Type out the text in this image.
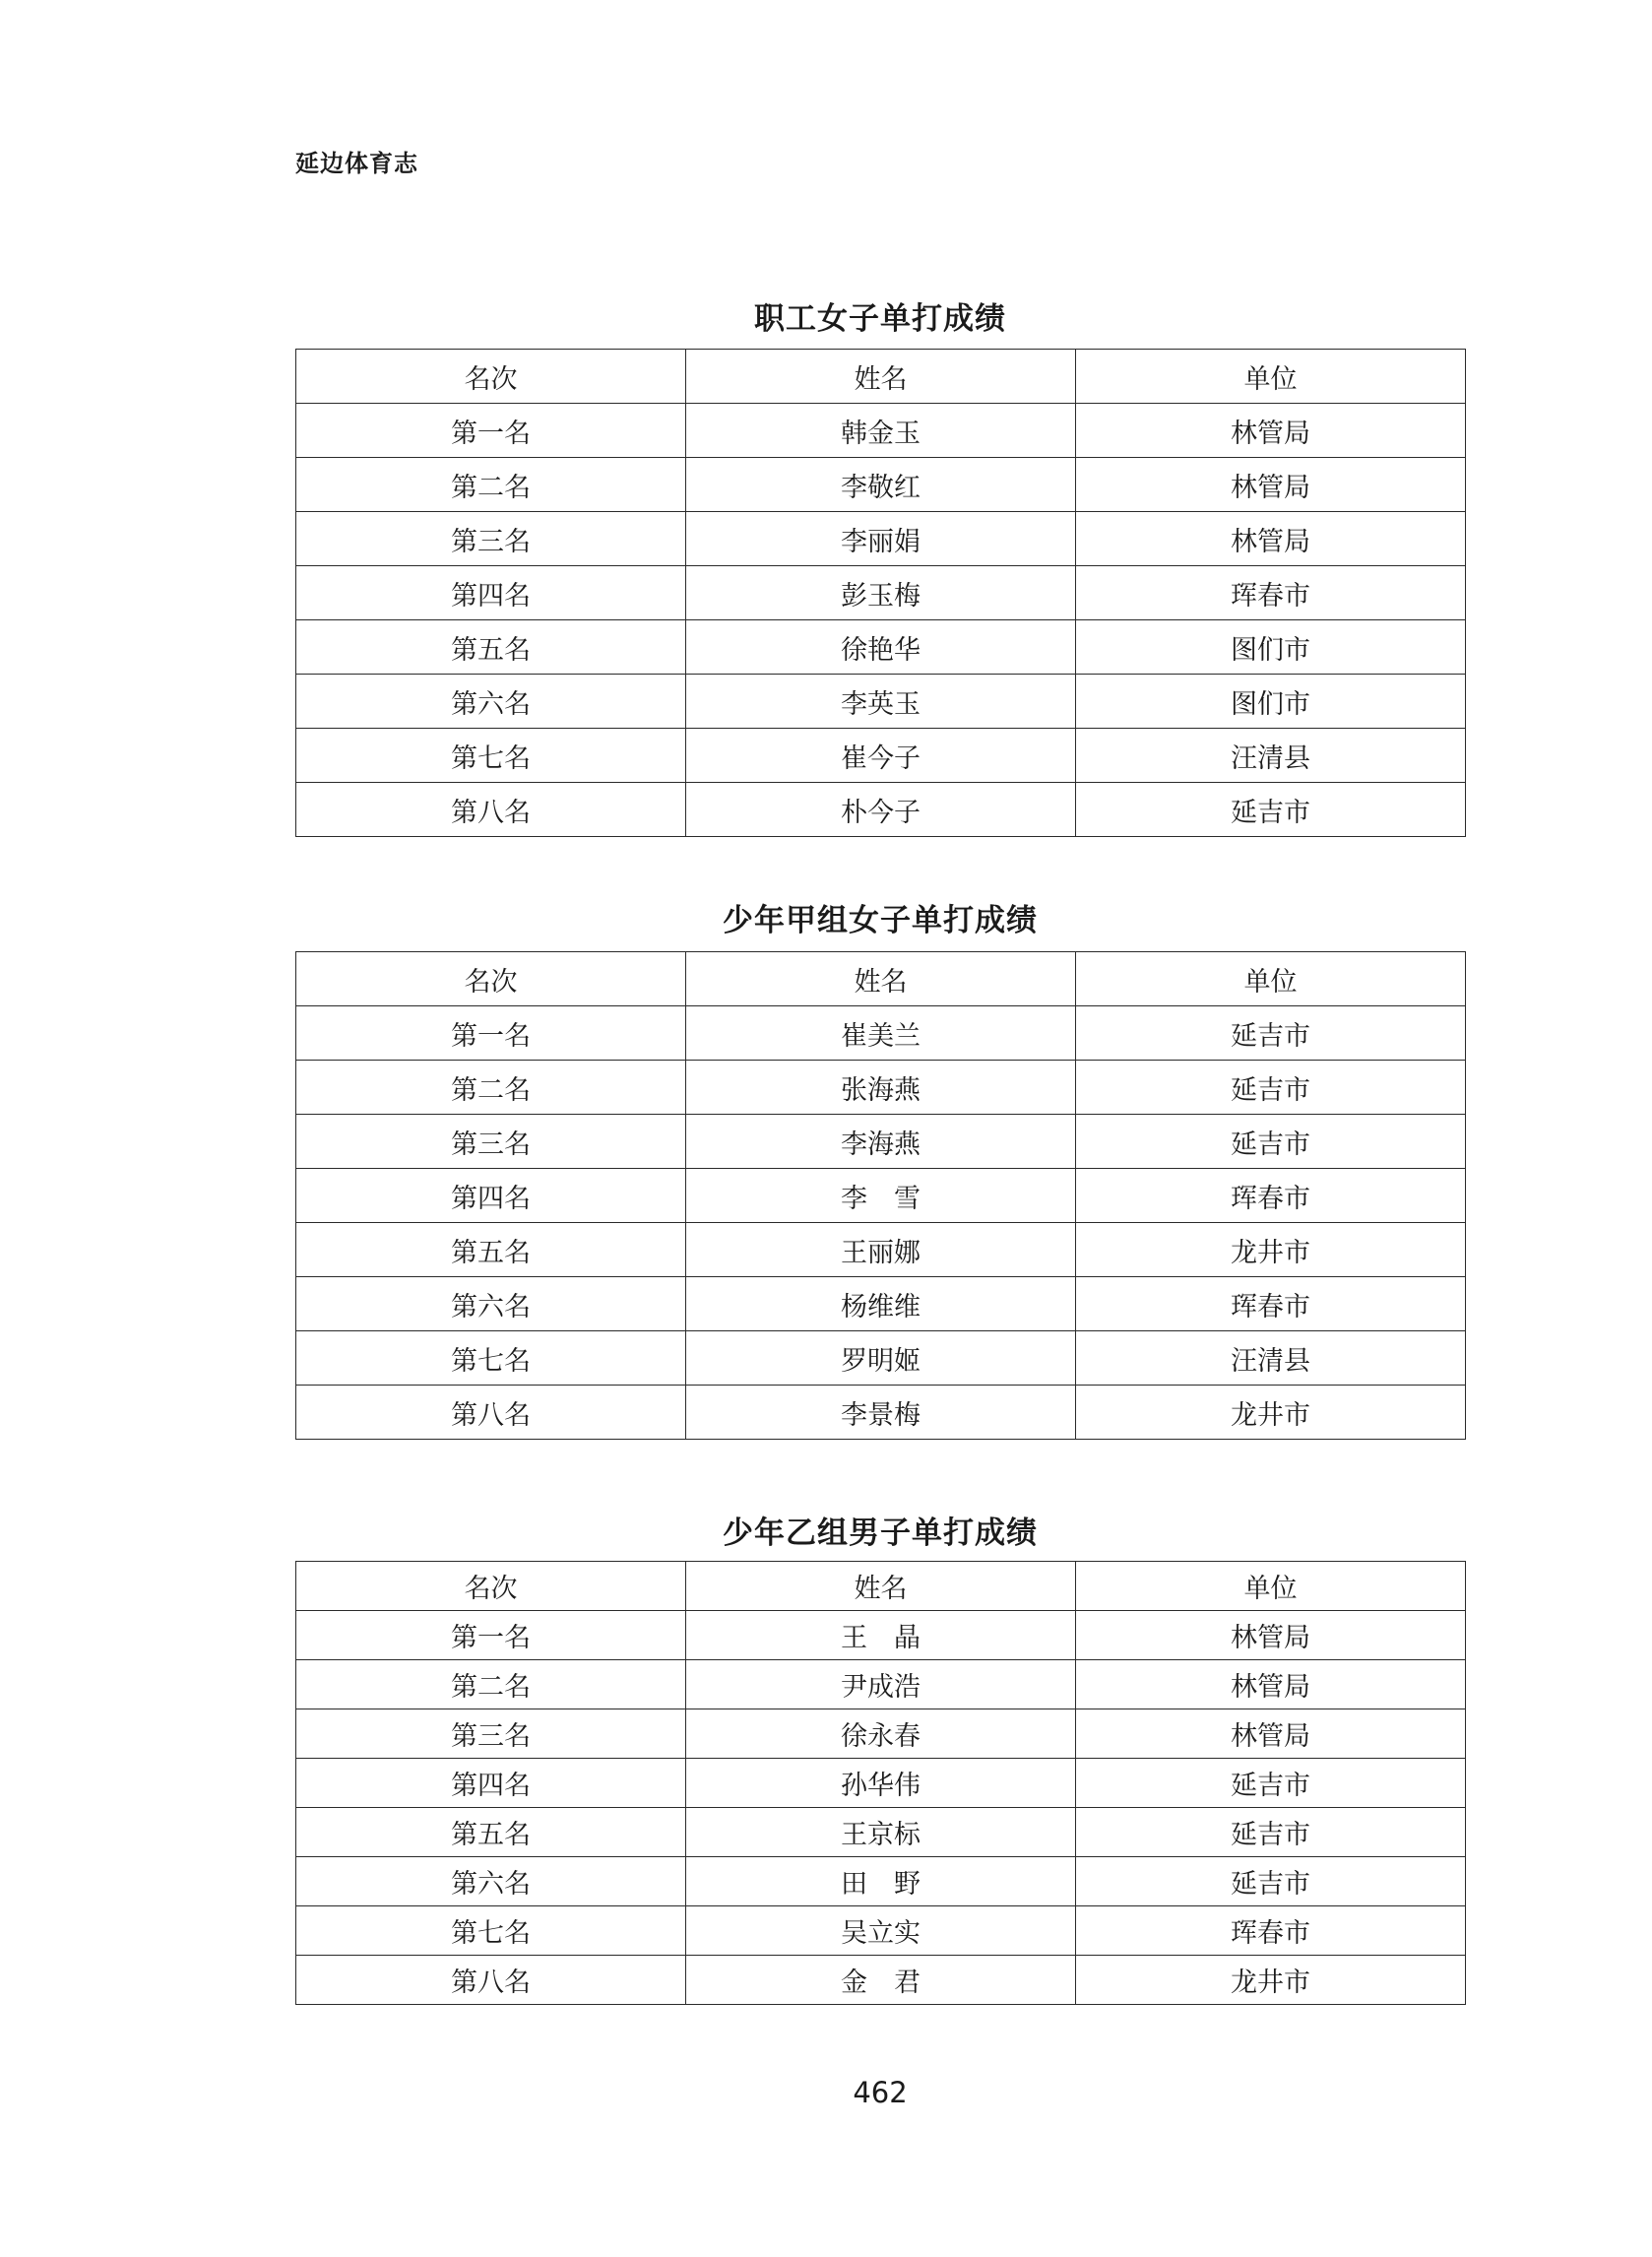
延边体育志
职工女子单打成绩
名次	姓名	单位
第一名	韩金玉	林管局
第二名	李敬红	林管局
第三名	李丽娟	林管局
第四名	彭玉梅	珲春市
第五名	徐艳华	图们市
第六名	李英玉	图们市
第七名	崔今子	汪清县
第八名	朴今子	延吉市
少年甲组女子单打成绩
名次	姓名	单位
第一名	崔美兰	延吉市
第二名	张海燕	延吉市
第三名	李海燕	延吉市
第四名	李　雪	珲春市
第五名	王丽娜	龙井市
第六名	杨维维	珲春市
第七名	罗明姬	汪清县
第八名	李景梅	龙井市
少年乙组男子单打成绩
名次	姓名	单位
第一名	王　晶	林管局
第二名	尹成浩	林管局
第三名	徐永春	林管局
第四名	孙华伟	延吉市
第五名	王京标	延吉市
第六名	田　野	延吉市
第七名	吴立实	珲春市
第八名	金　君	龙井市
462
